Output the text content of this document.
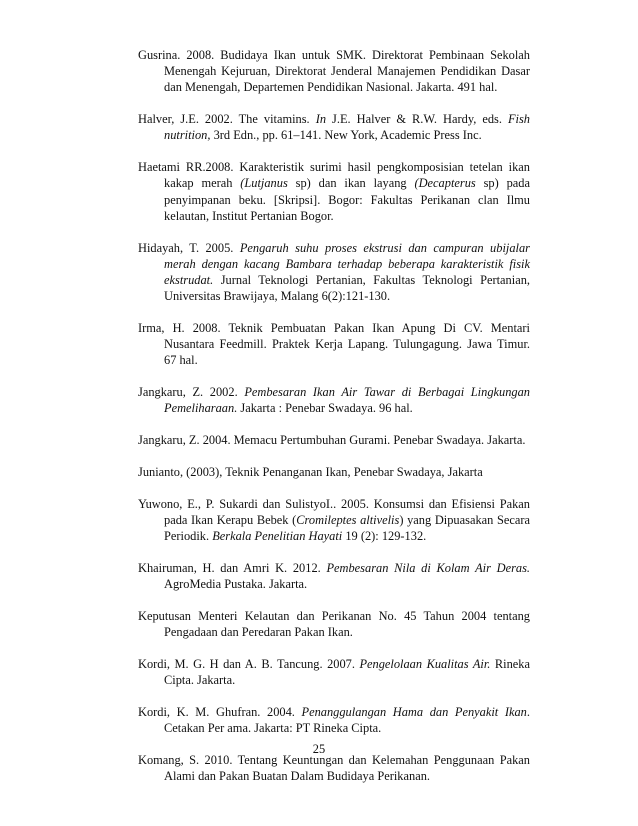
Gusrina. 2008. Budidaya Ikan untuk SMK. Direktorat Pembinaan Sekolah Menengah Kejuruan, Direktorat Jenderal Manajemen Pendidikan Dasar dan Menengah, Departemen Pendidikan Nasional. Jakarta. 491 hal.
Halver, J.E. 2002. The vitamins. In J.E. Halver & R.W. Hardy, eds. Fish nutrition, 3rd Edn., pp. 61–141. New York, Academic Press Inc.
Haetami RR.2008. Karakteristik surimi hasil pengkomposisian tetelan ikan kakap merah (Lutjanus sp) dan ikan layang (Decapterus sp) pada penyimpanan beku. [Skripsi]. Bogor: Fakultas Perikanan clan Ilmu kelautan, Institut Pertanian Bogor.
Hidayah, T. 2005. Pengaruh suhu proses ekstrusi dan campuran ubijalar merah dengan kacang Bambara terhadap beberapa karakteristik fisik ekstrudat. Jurnal Teknologi Pertanian, Fakultas Teknologi Pertanian, Universitas Brawijaya, Malang 6(2):121-130.
Irma, H. 2008. Teknik Pembuatan Pakan Ikan Apung Di CV. Mentari Nusantara Feedmill. Praktek Kerja Lapang. Tulungagung. Jawa Timur. 67 hal.
Jangkaru, Z. 2002. Pembesaran Ikan Air Tawar di Berbagai Lingkungan Pemeliharaan. Jakarta : Penebar Swadaya. 96 hal.
Jangkaru, Z. 2004. Memacu Pertumbuhan Gurami. Penebar Swadaya. Jakarta.
Junianto, (2003), Teknik Penanganan Ikan, Penebar Swadaya, Jakarta
Yuwono, E., P. Sukardi dan SulistyoI.. 2005. Konsumsi dan Efisiensi Pakan pada Ikan Kerapu Bebek (Cromileptes altivelis) yang Dipuasakan Secara Periodik. Berkala Penelitian Hayati 19 (2): 129-132.
Khairuman, H. dan Amri K. 2012. Pembesaran Nila di Kolam Air Deras. AgroMedia Pustaka. Jakarta.
Keputusan Menteri Kelautan dan Perikanan No. 45 Tahun 2004 tentang Pengadaan dan Peredaran Pakan Ikan.
Kordi, M. G. H dan A. B. Tancung. 2007. Pengelolaan Kualitas Air. Rineka Cipta. Jakarta.
Kordi, K. M. Ghufran. 2004. Penanggulangan Hama dan Penyakit Ikan. Cetakan Per ama. Jakarta: PT Rineka Cipta.
Komang, S. 2010. Tentang Keuntungan dan Kelemahan Penggunaan Pakan Alami dan Pakan Buatan Dalam Budidaya Perikanan.
25
